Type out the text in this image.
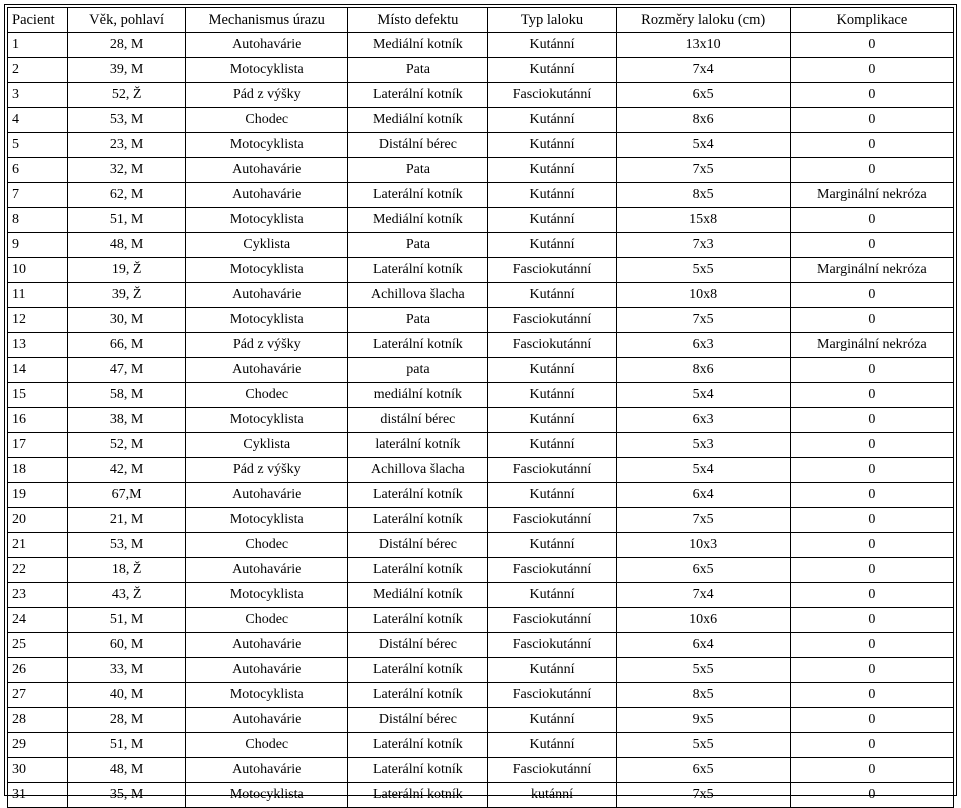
Pacient	Věk, pohlaví	Mechanismus úrazu	Místo defektu	Typ laloku	Rozměry laloku (cm)	Komplikace
1	28, M	Autohavárie	Mediální kotník	Kutánní	13x10	0
2	39, M	Motocyklista	Pata	Kutánní	7x4	0
3	52, Ž	Pád z výšky	Laterální kotník	Fasciokutánní	6x5	0
4	53, M	Chodec	Mediální kotník	Kutánní	8x6	0
5	23, M	Motocyklista	Distální bérec	Kutánní	5x4	0
6	32, M	Autohavárie	Pata	Kutánní	7x5	0
7	62, M	Autohavárie	Laterální kotník	Kutánní	8x5	Marginální nekróza
8	51, M	Motocyklista	Mediální kotník	Kutánní	15x8	0
9	48, M	Cyklista	Pata	Kutánní	7x3	0
10	19, Ž	Motocyklista	Laterální kotník	Fasciokutánní	5x5	Marginální nekróza
11	39, Ž	Autohavárie	Achillova šlacha	Kutánní	10x8	0
12	30, M	Motocyklista	Pata	Fasciokutánní	7x5	0
13	66, M	Pád z výšky	Laterální kotník	Fasciokutánní	6x3	Marginální nekróza
14	47, M	Autohavárie	pata	Kutánní	8x6	0
15	58, M	Chodec	mediální kotník	Kutánní	5x4	0
16	38, M	Motocyklista	distální bérec	Kutánní	6x3	0
17	52, M	Cyklista	laterální kotník	Kutánní	5x3	0
18	42, M	Pád z výšky	Achillova šlacha	Fasciokutánní	5x4	0
19	67,M	Autohavárie	Laterální kotník	Kutánní	6x4	0
20	21, M	Motocyklista	Laterální kotník	Fasciokutánní	7x5	0
21	53, M	Chodec	Distální bérec	Kutánní	10x3	0
22	18, Ž	Autohavárie	Laterální kotník	Fasciokutánní	6x5	0
23	43, Ž	Motocyklista	Mediální kotník	Kutánní	7x4	0
24	51, M	Chodec	Laterální kotník	Fasciokutánní	10x6	0
25	60, M	Autohavárie	Distální bérec	Fasciokutánní	6x4	0
26	33, M	Autohavárie	Laterální kotník	Kutánní	5x5	0
27	40, M	Motocyklista	Laterální kotník	Fasciokutánní	8x5	0
28	28, M	Autohavárie	Distální bérec	Kutánní	9x5	0
29	51, M	Chodec	Laterální kotník	Kutánní	5x5	0
30	48, M	Autohavárie	Laterální kotník	Fasciokutánní	6x5	0
31	35, M	Motocyklista	Laterální kotník	kutánní	7x5	0
